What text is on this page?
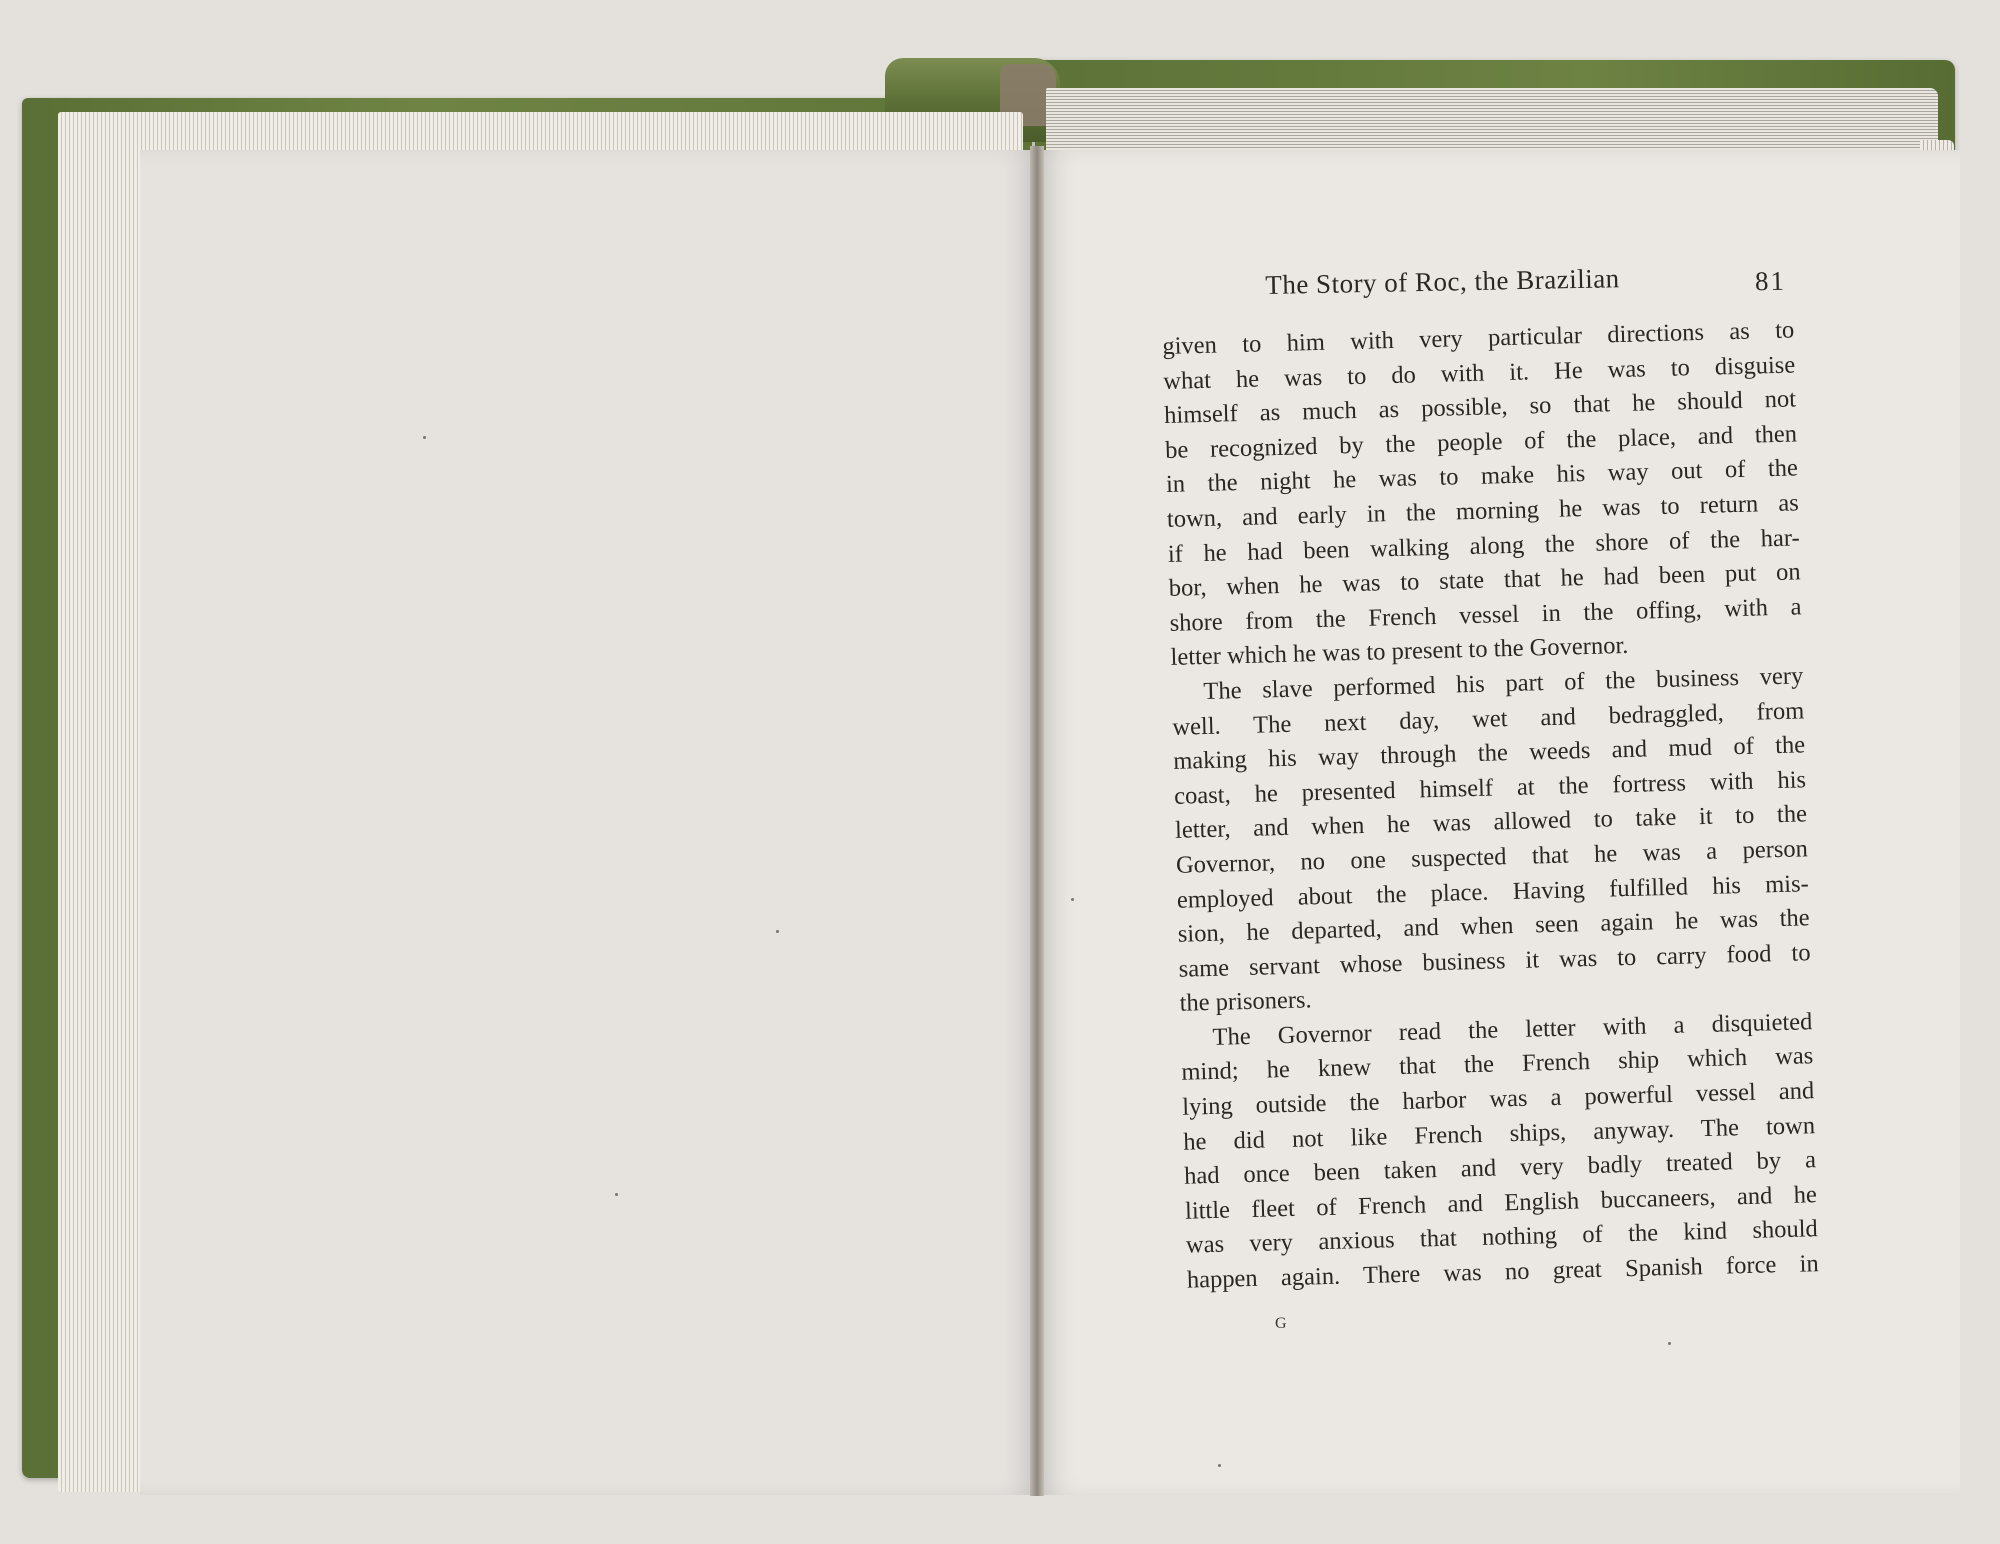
The Story of Roc, the Brazilian	81
given to him with very particular directions as to
what he was to do with it. He was to disguise
himself as much as possible, so that he should not
be recognized by the people of the place, and then
in the night he was to make his way out of the
town, and early in the morning he was to return as
if he had been walking along the shore of the har-
bor, when he was to state that he had been put on
shore from the French vessel in the offing, with a
letter which he was to present to the Governor.
The slave performed his part of the business very
well. The next day, wet and bedraggled, from
making his way through the weeds and mud of the
coast, he presented himself at the fortress with his
letter, and when he was allowed to take it to the
Governor, no one suspected that he was a person
employed about the place. Having fulfilled his mis-
sion, he departed, and when seen again he was the
same servant whose business it was to carry food to
the prisoners.
The Governor read the letter with a disquieted
mind; he knew that the French ship which was
lying outside the harbor was a powerful vessel and
he did not like French ships, anyway. The town
had once been taken and very badly treated by a
little fleet of French and English buccaneers, and he
was very anxious that nothing of the kind should
happen again. There was no great Spanish force in
G
